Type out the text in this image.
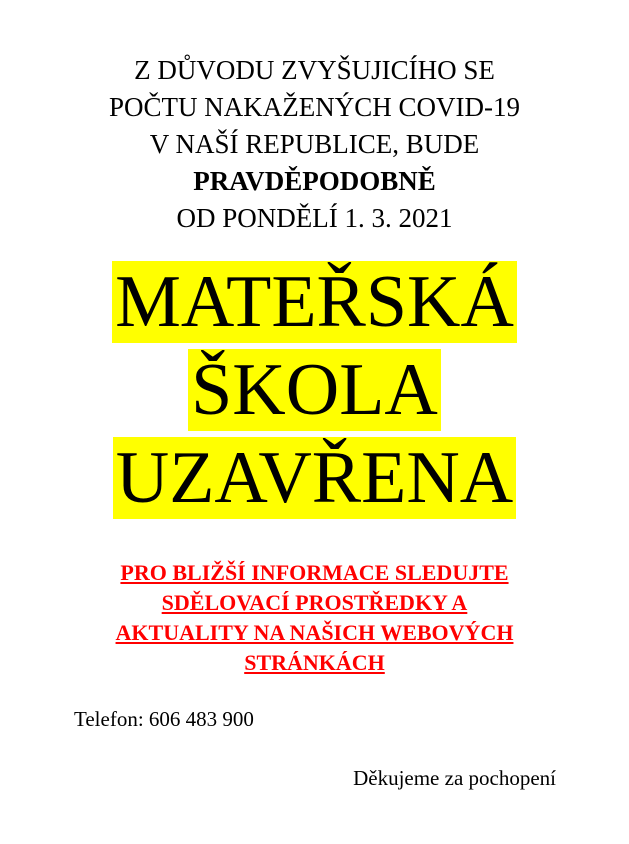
Z DŮVODU ZVYŠUJICÍHO SE
POČTU NAKAŽENÝCH COVID-19
V NAŠÍ REPUBLICE, BUDE
PRAVDĚPODOBNĚ
OD PONDĚLÍ 1. 3. 2021
MATEŘSKÁ
ŠKOLA
UZAVŘENA
PRO BLIŽŠÍ INFORMACE SLEDUJTE
SDĚLOVACÍ PROSTŘEDKY A
AKTUALITY NA NAŠICH WEBOVÝCH
STRÁNKÁCH
Telefon: 606 483 900
Děkujeme za pochopení
